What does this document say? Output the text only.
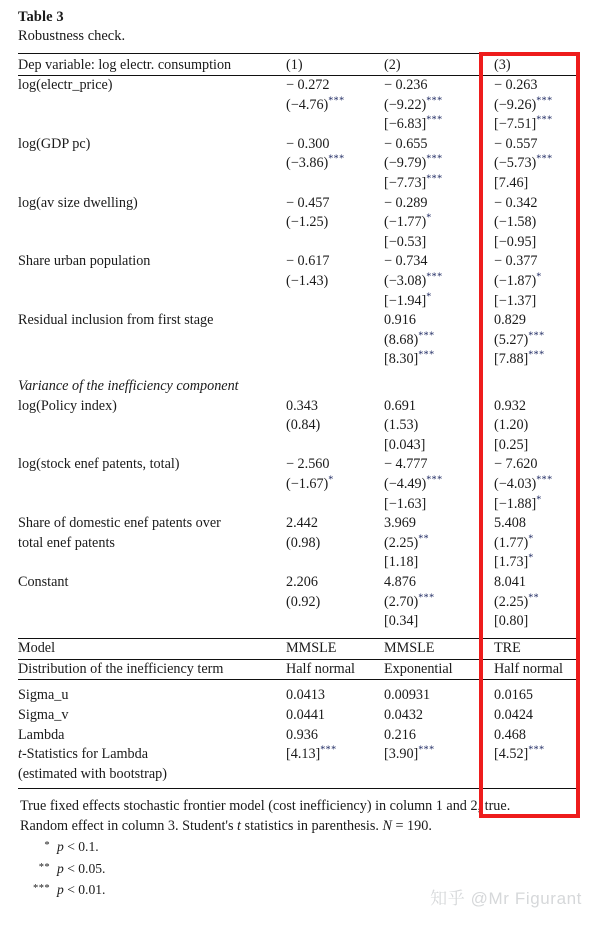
Table 3
Robustness check.

Dep variable: log electr. consumption	(1)	(2)	(3)

log(electr_price)	− 0.272	− 0.236	− 0.263
	(−4.76)***	(−9.22)***	(−9.26)***
		[−6.83]***	[−7.51]***

log(GDP pc)	− 0.300	− 0.655	− 0.557
	(−3.86)***	(−9.79)***	(−5.73)***
		[−7.73]***	[7.46]
log(av size dwelling)	− 0.457	− 0.289	− 0.342
	(−1.25)	(−1.77)*	(−1.58)
		[−0.53]	[−0.95]
Share urban population	− 0.617	− 0.734	− 0.377
	(−1.43)	(−3.08)***	(−1.87)*
		[−1.94]*	[−1.37]
Residual inclusion from first stage		0.916	0.829
		(8.68)***	(5.27)***
		[8.30]***	[7.88]***

Variance of the inefficiency component			
log(Policy index)	0.343	0.691	0.932
	(0.84)	(1.53)	(1.20)
		[0.043]	[0.25]
log(stock enef patents, total)	− 2.560	− 4.777	− 7.620
	(−1.67)*	(−4.49)***	(−4.03)***
		[−1.63]	[−1.88]*
Share of domestic enef patents over	2.442	3.969	5.408
total enef patents	(0.98)	(2.25)**	(1.77)*
		[1.18]	[1.73]*
Constant	2.206	4.876	8.041
	(0.92)	(2.70)***	(2.25)**
		[0.34]	[0.80]

Model	MMSLE	MMSLE	TRE
Distribution of the inefficiency term	Half normal	Exponential	Half normal

Sigma_u	0.0413	0.00931	0.0165
Sigma_v	0.0441	0.0432	0.0424
Lambda	0.936	0.216	0.468
t-Statistics for Lambda	[4.13]***	[3.90]***	[4.52]***
(estimated with bootstrap)			

True fixed effects stochastic frontier model (cost inefficiency) in column 1 and 2, true.
Random effect in column 3. Student's t statistics in parenthesis. N = 190.
* p < 0.1.
** p < 0.05.
*** p < 0.01.	知乎 @Mr Figurant
